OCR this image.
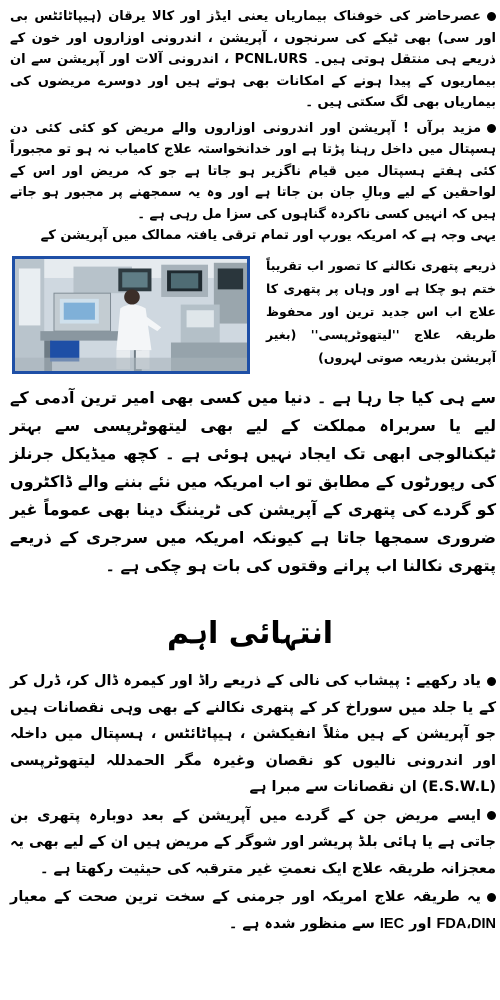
عصرحاضر کی خوفناک بیماریاں یعنی ایڈز اور کالا یرقان (ہیپاٹائٹس بی اور سی) بھی ٹیکے کی سرنجوں ، آپریشن ، اندرونی اوزاروں اور خون کے ذریعے ہی منتقل ہوتی ہیں۔ PCNL،URS ، اندرونی آلات اور آپریشن سے ان بیماریوں کے پیدا ہونے کے امکانات بھی ہوتے ہیں اور دوسرے مریضوں کی بیماریاں بھی لگ سکتی ہیں ۔

مزید برآں ! آپریشن اور اندرونی اوزاروں والے مریض کو کئی کئی دن ہسپتال میں داخل رہنا پڑتا ہے اور خدانخواستہ علاج کامیاب نہ ہو تو مجبوراً کئی ہفتے ہسپتال میں قیام ناگزیر ہو جاتا ہے جو کہ مریض اور اس کے لواحقین کے لیے وبالِ جان بن جاتا ہے اور وہ یہ سمجھنے پر مجبور ہو جاتے ہیں کہ انہیں کسی ناکردہ گناہوں کی سزا مل رہی ہے ۔

یہی وجہ ہے کہ امریکہ یورپ اور تمام ترقی یافتہ ممالک میں آپریشن کے

ذریعے پتھری نکالنے کا تصور اب تقریباً ختم ہو چکا ہے اور وہاں پر پتھری کا علاج اب اس جدید ترین اور محفوظ طریقہ علاج ''لیتھوٹرپسی'' (بغیر آپریشن بذریعہ صوتی لہروں)

سے ہی کیا جا رہا ہے ۔ دنیا میں کسی بھی امیر ترین آدمی کے لیے یا سربراہ مملکت کے لیے بھی لیتھوٹرپسی سے بہتر ٹیکنالوجی ابھی تک ایجاد نہیں ہوئی ہے ۔ کچھ میڈیکل جرنلز کی رپورٹوں کے مطابق تو اب امریکہ میں نئے بننے والے ڈاکٹروں کو گردے کی پتھری کے آپریشن کی ٹریننگ دینا بھی عموماً غیر ضروری سمجھا جاتا ہے کیونکہ امریکہ میں سرجری کے ذریعے پتھری نکالنا اب پرانے وقتوں کی بات ہو چکی ہے ۔

انتہائی اہم

یاد رکھیے : پیشاب کی نالی کے ذریعے راڈ اور کیمرہ ڈال کر، ڈرل کر کے یا جلد میں سوراخ کر کے پتھری نکالنے کے بھی وہی نقصانات ہیں جو آپریشن کے ہیں مثلاً انفیکشن ، ہیپاٹائٹس ، ہسپتال میں داخلہ اور اندرونی نالیوں کو نقصان وغیرہ مگر الحمدللہ لیتھوٹرپسی (E.S.W.L) ان نقصانات سے مبرا ہے

ایسے مریض جن کے گردے میں آپریشن کے بعد دوبارہ پتھری بن جاتی ہے یا ہائی بلڈ پریشر اور شوگر کے مریض ہیں ان کے لیے بھی یہ معجزانہ طریقہ علاج ایک نعمتِ غیر مترقبہ کی حیثیت رکھتا ہے ۔

یہ طریقہ علاج امریکہ اور جرمنی کے سخت ترین صحت کے معیار FDA،DIN اور IEC سے منظور شدہ ہے ۔
